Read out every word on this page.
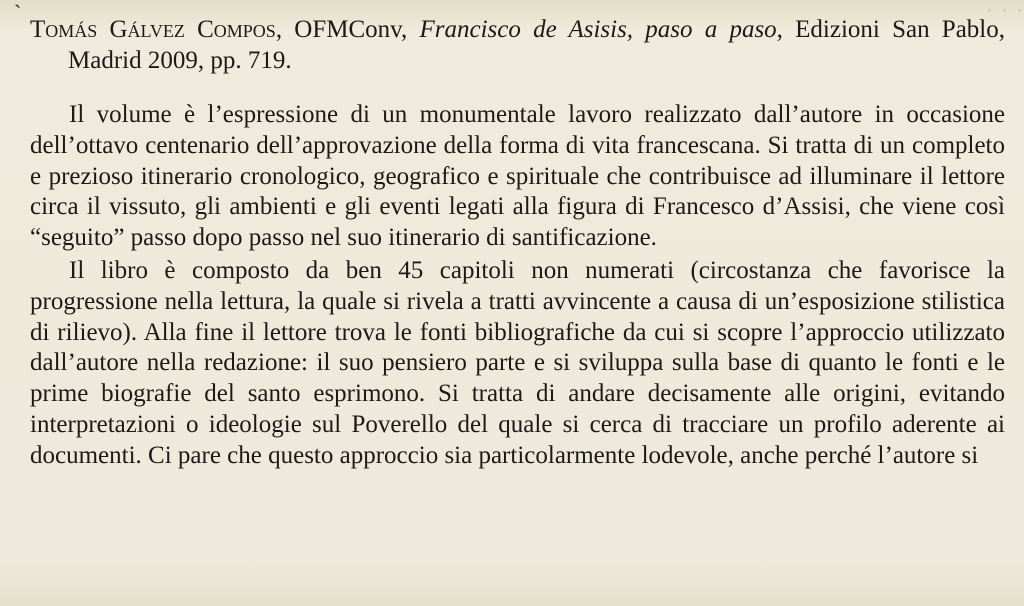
· · ·
`

Tomás Gálvez Compos, OFMConv, Francisco de Asisis, paso a paso, Edizioni San Pablo, Madrid 2009, pp. 719.

Il volume è l’espressione di un monumentale lavoro realizzato dall’autore in occasione dell’ottavo centenario dell’approvazione della forma di vita francescana. Si tratta di un completo e prezioso itinerario cronologico, geografico e spirituale che contribuisce ad illuminare il lettore circa il vissuto, gli ambienti e gli eventi legati alla figura di Francesco d’Assisi, che viene così “seguito” passo dopo passo nel suo itinerario di santificazione.

Il libro è composto da ben 45 capitoli non numerati (circostanza che favorisce la progressione nella lettura, la quale si rivela a tratti avvincente a causa di un’esposizione stilistica di rilievo). Alla fine il lettore trova le fonti bibliografiche da cui si scopre l’approccio utilizzato dall’autore nella redazione: il suo pensiero parte e si sviluppa sulla base di quanto le fonti e le prime biografie del santo esprimono. Si tratta di andare decisamente alle origini, evitando interpretazioni o ideologie sul Poverello del quale si cerca di tracciare un profilo aderente ai documenti. Ci pare che questo approccio sia particolarmente lodevole, anche perché l’autore si
